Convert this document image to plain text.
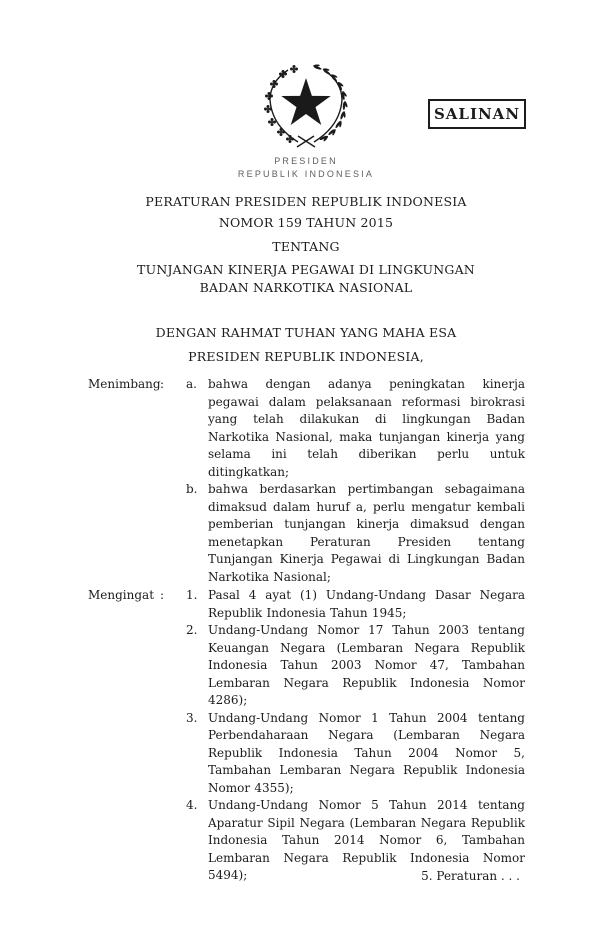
PRESIDEN
REPUBLIK INDONESIA
SALINAN
PERATURAN PRESIDEN REPUBLIK INDONESIA
NOMOR 159 TAHUN 2015
TENTANG
TUNJANGAN KINERJA PEGAWAI DI LINGKUNGAN
BADAN NARKOTIKA NASIONAL
DENGAN RAHMAT TUHAN YANG MAHA ESA
PRESIDEN REPUBLIK INDONESIA,
Menimbang :	a. bahwa dengan adanya peningkatan kinerja pegawai dalam pelaksanaan reformasi birokrasi yang telah dilakukan di lingkungan Badan Narkotika Nasional, maka tunjangan kinerja yang selama ini telah diberikan perlu untuk ditingkatkan;
b. bahwa berdasarkan pertimbangan sebagaimana dimaksud dalam huruf a, perlu mengatur kembali pemberian tunjangan kinerja dimaksud dengan menetapkan Peraturan Presiden tentang Tunjangan Kinerja Pegawai di Lingkungan Badan Narkotika Nasional;
Mengingat :	1. Pasal 4 ayat (1) Undang-Undang Dasar Negara Republik Indonesia Tahun 1945;
2. Undang-Undang Nomor 17 Tahun 2003 tentang Keuangan Negara (Lembaran Negara Republik Indonesia Tahun 2003 Nomor 47, Tambahan Lembaran Negara Republik Indonesia Nomor 4286);
3. Undang-Undang Nomor 1 Tahun 2004 tentang Perbendaharaan Negara (Lembaran Negara Republik Indonesia Tahun 2004 Nomor 5, Tambahan Lembaran Negara Republik Indonesia Nomor 4355);
4. Undang-Undang Nomor 5 Tahun 2014 tentang Aparatur Sipil Negara (Lembaran Negara Republik Indonesia Tahun 2014 Nomor 6, Tambahan Lembaran Negara Republik Indonesia Nomor 5494);	5. Peraturan . . .
